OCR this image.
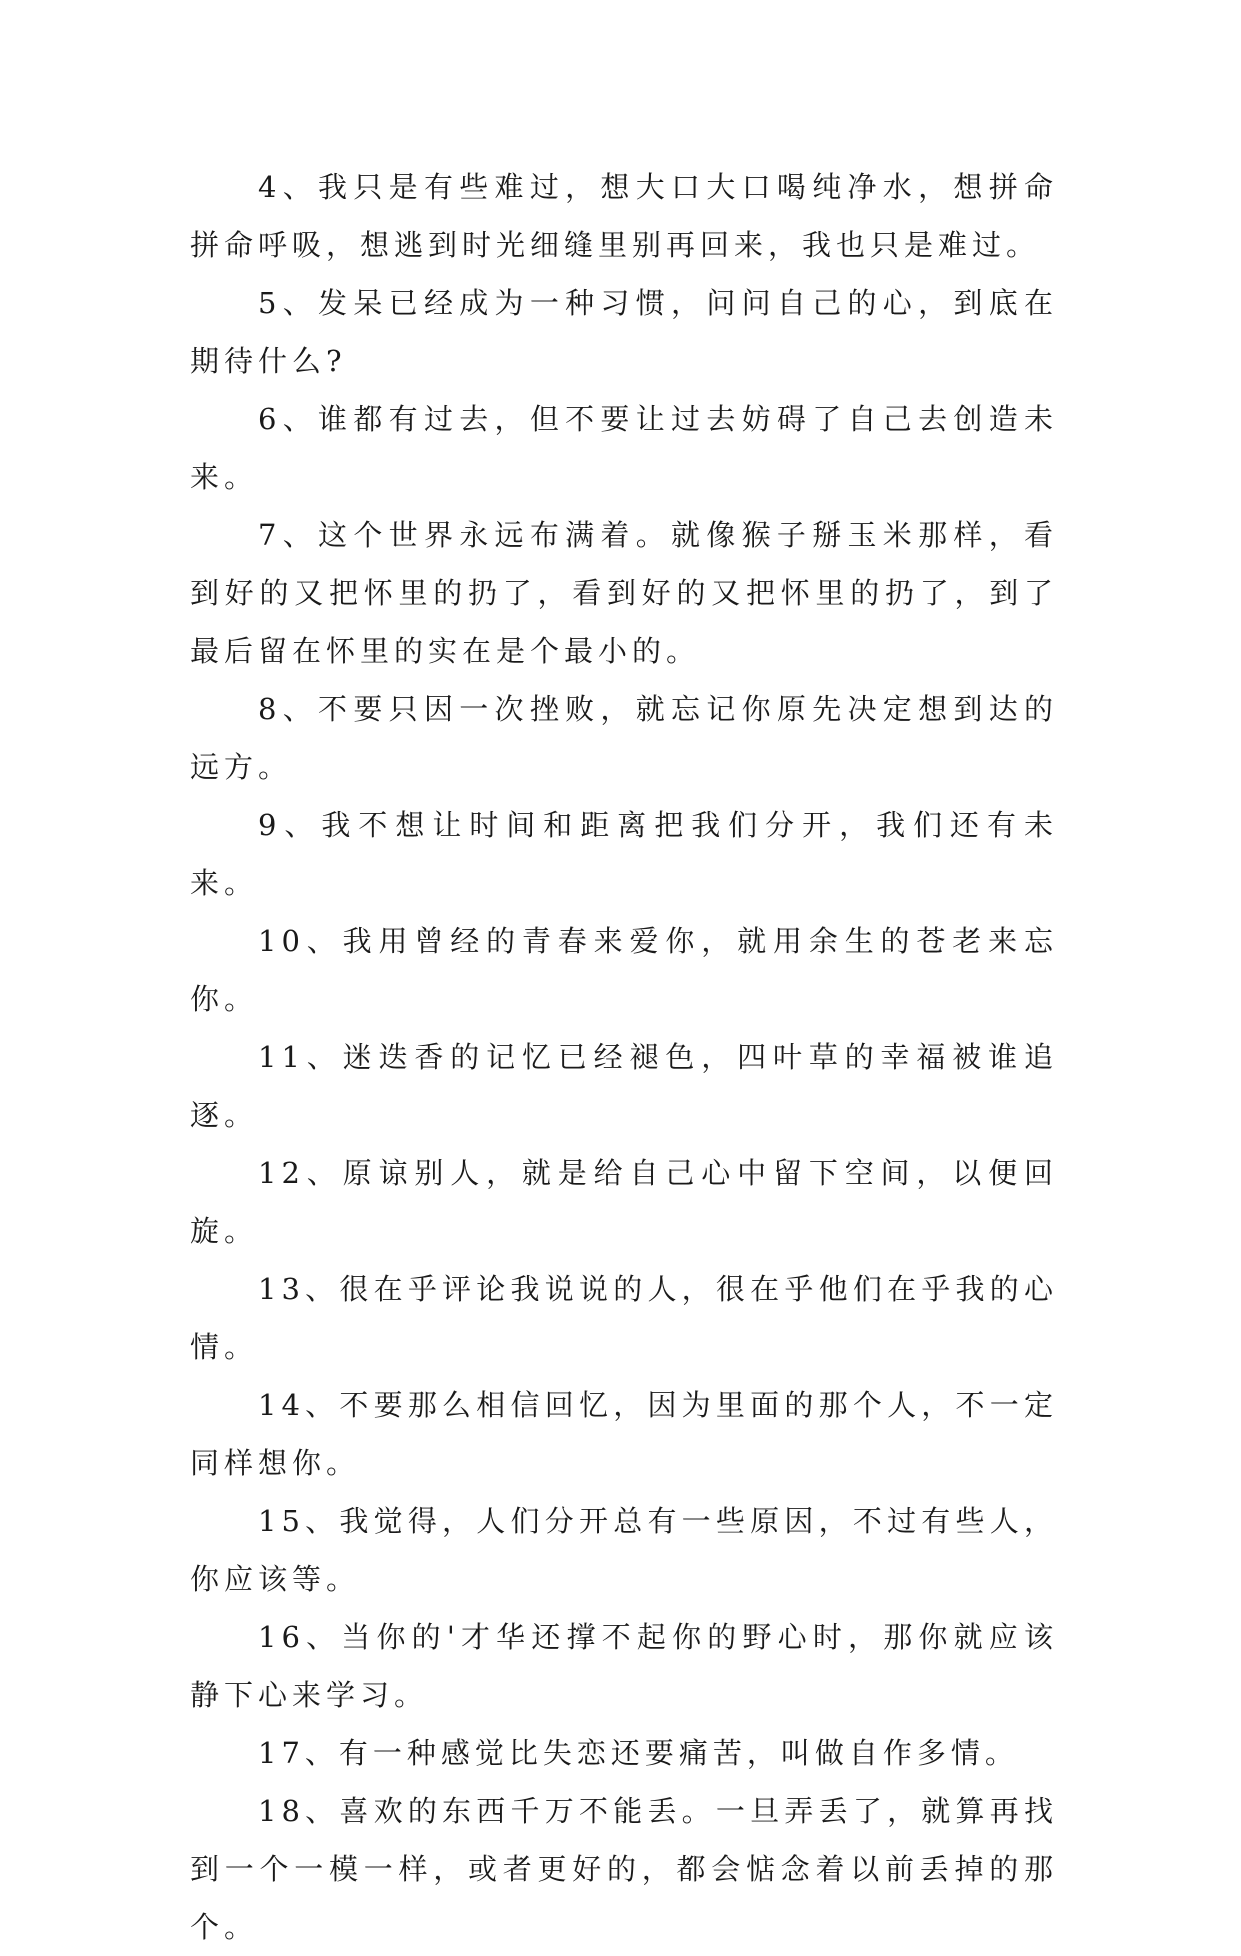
4、我只是有些难过，想大口大口喝纯净水，想拼命拼命呼吸，想逃到时光细缝里别再回来，我也只是难过。

5、发呆已经成为一种习惯，问问自己的心，到底在期待什么?

6、谁都有过去，但不要让过去妨碍了自己去创造未来。

7、这个世界永远布满着。就像猴子掰玉米那样，看到好的又把怀里的扔了，看到好的又把怀里的扔了，到了最后留在怀里的实在是个最小的。

8、不要只因一次挫败，就忘记你原先决定想到达的远方。

9、我不想让时间和距离把我们分开，我们还有未来。

10、我用曾经的青春来爱你，就用余生的苍老来忘你。

11、迷迭香的记忆已经褪色，四叶草的幸福被谁追逐。

12、原谅别人，就是给自己心中留下空间，以便回旋。

13、很在乎评论我说说的人，很在乎他们在乎我的心情。

14、不要那么相信回忆，因为里面的那个人，不一定同样想你。

15、我觉得，人们分开总有一些原因，不过有些人，你应该等。

16、当你的'才华还撑不起你的野心时，那你就应该静下心来学习。

17、有一种感觉比失恋还要痛苦，叫做自作多情。

18、喜欢的东西千万不能丢。一旦弄丢了，就算再找到一个一模一样，或者更好的，都会惦念着以前丢掉的那个。
